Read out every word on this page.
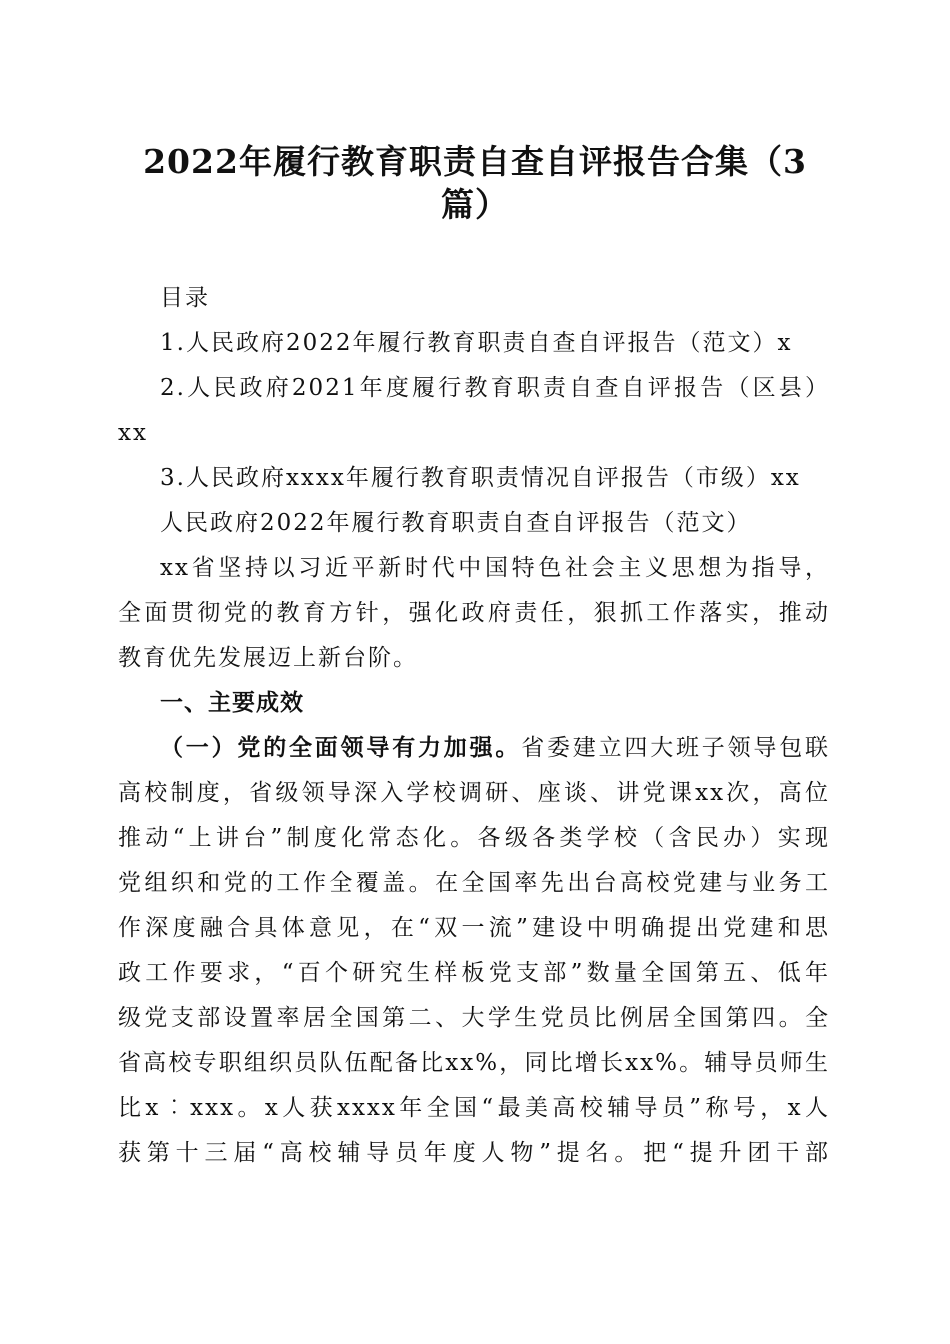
2022年履行教育职责自查自评报告合集（3
篇）
目录
1.人民政府2022年履行教育职责自查自评报告（范文）x
2.人民政府2021年度履行教育职责自查自评报告（区县）
xx
3.人民政府xxxx年履行教育职责情况自评报告（市级）xx
人民政府2022年履行教育职责自查自评报告（范文）
xx省坚持以习近平新时代中国特色社会主义思想为指导，
全面贯彻党的教育方针，强化政府责任，狠抓工作落实，推动
教育优先发展迈上新台阶。
一、主要成效
（一）党的全面领导有力加强。省委建立四大班子领导包联
高校制度，省级领导深入学校调研、座谈、讲党课xx次，高位
推动“上讲台”制度化常态化。各级各类学校（含民办）实现
党组织和党的工作全覆盖。在全国率先出台高校党建与业务工
作深度融合具体意见，在“双一流”建设中明确提出党建和思
政工作要求，“百个研究生样板党支部”数量全国第五、低年
级党支部设置率居全国第二、大学生党员比例居全国第四。全
省高校专职组织员队伍配备比xx%，同比增长xx%。辅导员师生
比x︰xxx。x人获xxxx年全国“最美高校辅导员”称号，x人
获第十三届“高校辅导员年度人物”提名。把“提升团干部
